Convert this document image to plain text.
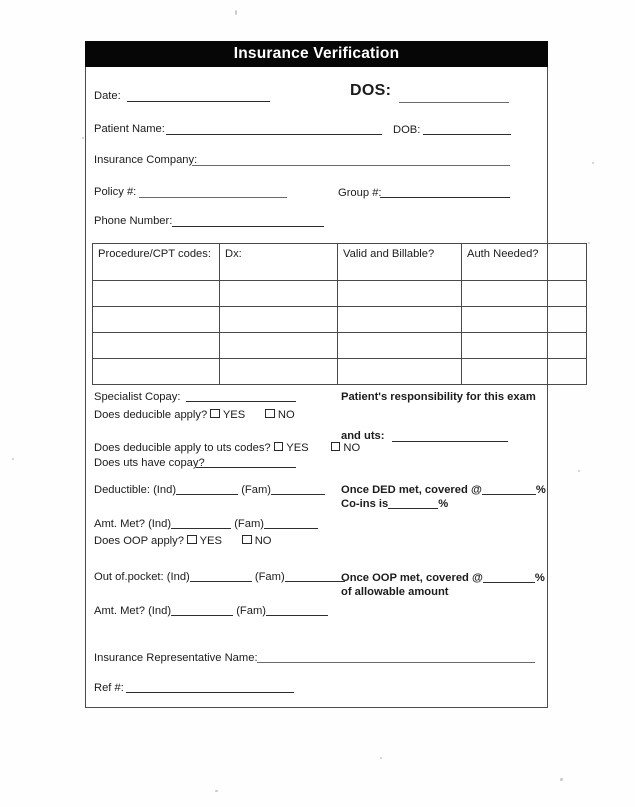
Insurance Verification
Date:	DOS:
Patient Name:	DOB:
Insurance Company:
Policy #:	Group #:
Phone Number:
Procedure/CPT codes:	Dx:	Valid and Billable?	Auth Needed?

Specialist Copay:
Does deducible apply? YES	NO
Does deducible apply to uts codes? YES	NO
Does uts have copay?
Patient's responsibility for this exam
and uts:
Deductible: (Ind)	(Fam)
Amt. Met? (Ind)	(Fam)
Does OOP apply? YES	NO
Once DED met, covered @	%
Co-ins is	%
Out of.pocket: (Ind)	(Fam)
Amt. Met? (Ind)	(Fam)
Once OOP met, covered @	%
of allowable amount
Insurance Representative Name:
Ref #:
